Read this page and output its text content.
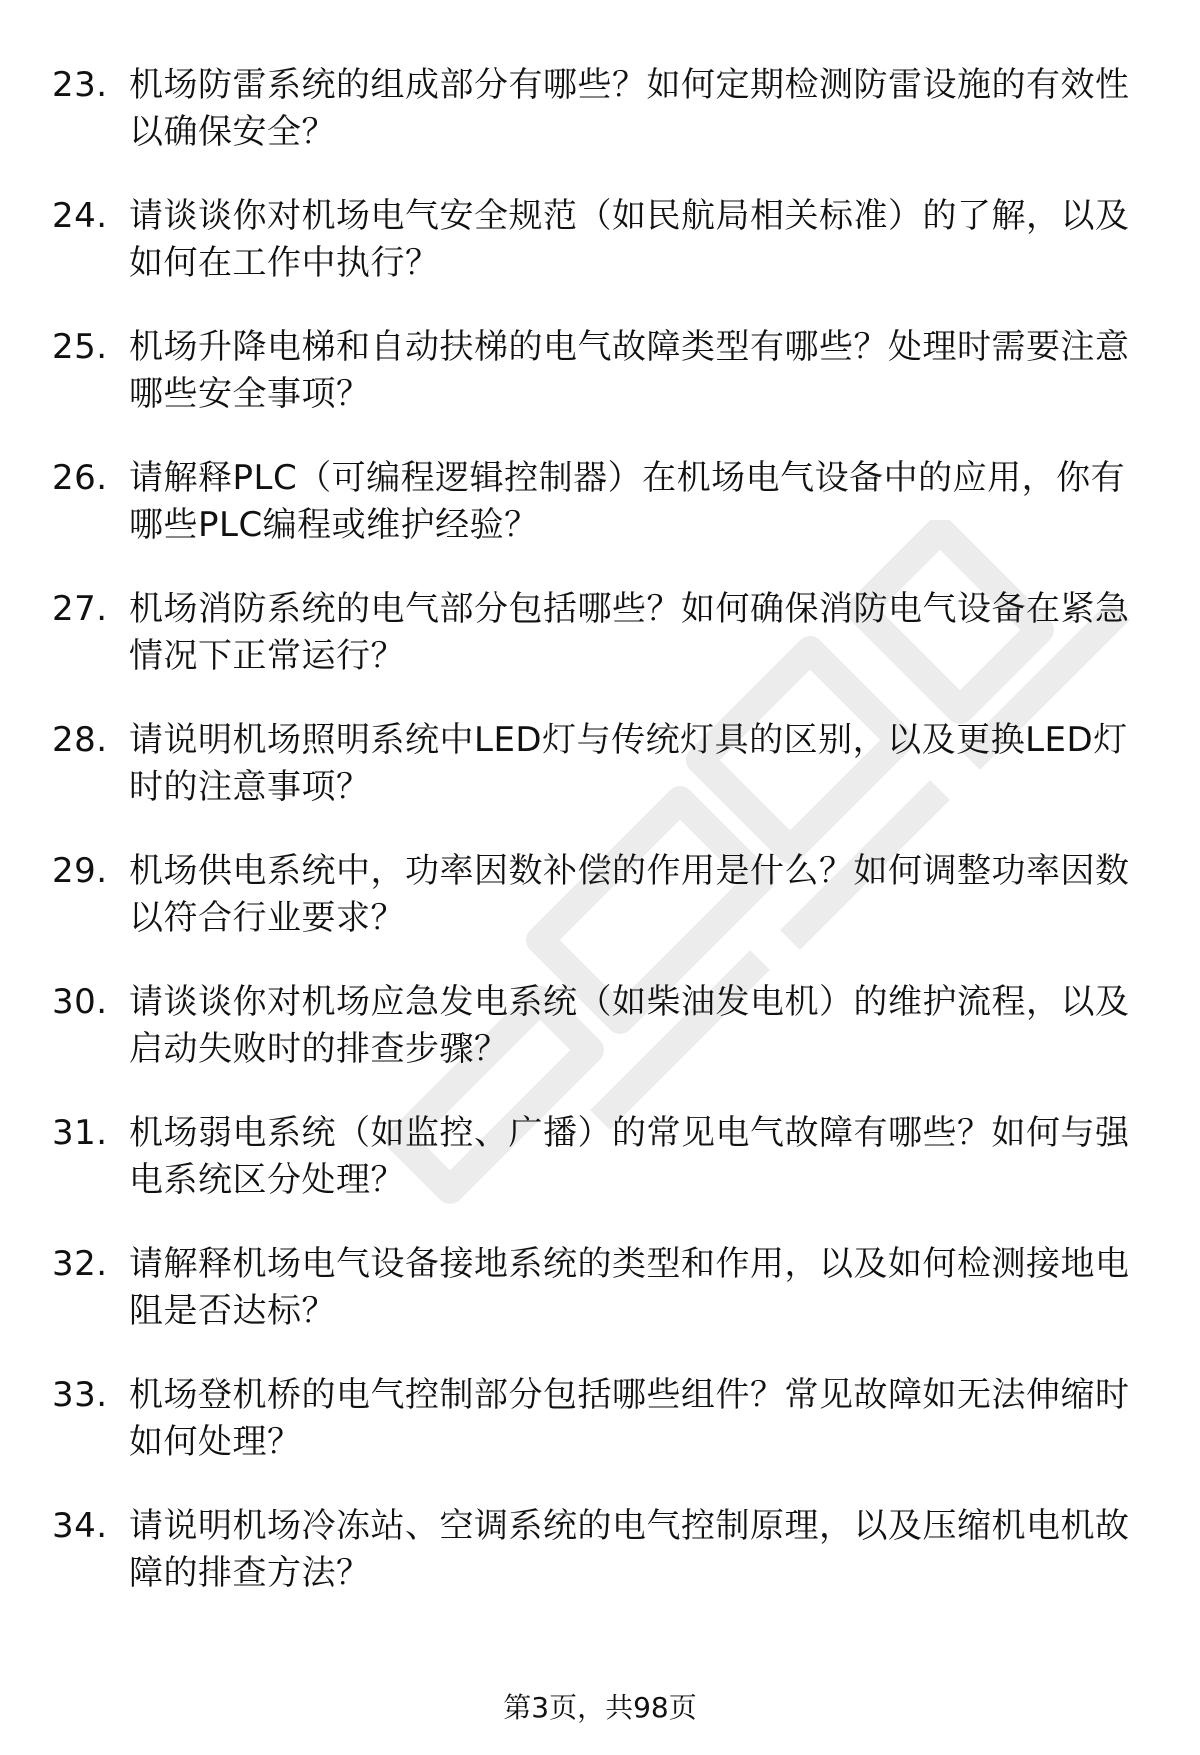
23. 机场防雷系统的组成部分有哪些？如何定期检测防雷设施的有效性以确保安全？
24. 请谈谈你对机场电气安全规范（如民航局相关标准）的了解，以及如何在工作中执行？
25. 机场升降电梯和自动扶梯的电气故障类型有哪些？处理时需要注意哪些安全事项？
26. 请解释PLC（可编程逻辑控制器）在机场电气设备中的应用，你有哪些PLC编程或维护经验？
27. 机场消防系统的电气部分包括哪些？如何确保消防电气设备在紧急情况下正常运行？
28. 请说明机场照明系统中LED灯与传统灯具的区别，以及更换LED灯时的注意事项？
29. 机场供电系统中，功率因数补偿的作用是什么？如何调整功率因数以符合行业要求？
30. 请谈谈你对机场应急发电系统（如柴油发电机）的维护流程，以及启动失败时的排查步骤？
31. 机场弱电系统（如监控、广播）的常见电气故障有哪些？如何与强电系统区分处理？
32. 请解释机场电气设备接地系统的类型和作用，以及如何检测接地电阻是否达标？
33. 机场登机桥的电气控制部分包括哪些组件？常见故障如无法伸缩时如何处理？
34. 请说明机场冷冻站、空调系统的电气控制原理，以及压缩机电机故障的排查方法？
第3页，共98页
